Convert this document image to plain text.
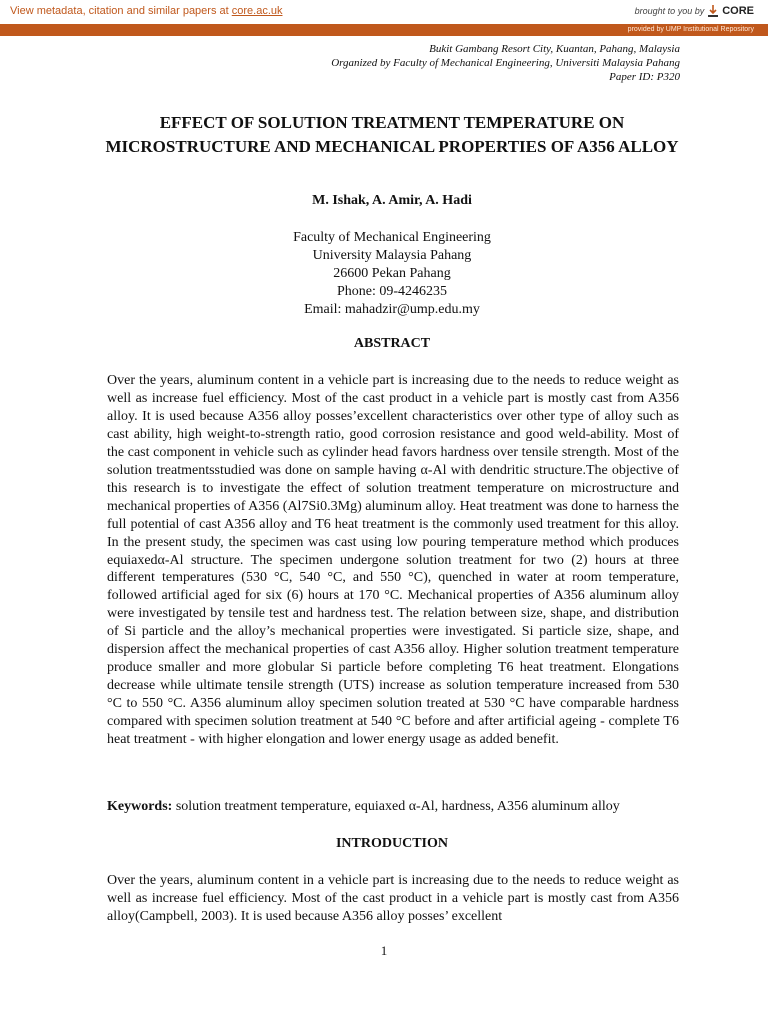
View metadata, citation and similar papers at core.ac.uk	brought to you by CORE
provided by UMP Institutional Repository
Bukit Gambang Resort City, Kuantan, Pahang, Malaysia
Organized by Faculty of Mechanical Engineering, Universiti Malaysia Pahang
Paper ID: P320
EFFECT OF SOLUTION TREATMENT TEMPERATURE ON MICROSTRUCTURE AND MECHANICAL PROPERTIES OF A356 ALLOY
M. Ishak, A. Amir, A. Hadi
Faculty of Mechanical Engineering
University Malaysia Pahang
26600 Pekan Pahang
Phone: 09-4246235
Email: mahadzir@ump.edu.my
ABSTRACT

Over the years, aluminum content in a vehicle part is increasing due to the needs to reduce weight as well as increase fuel efficiency. Most of the cast product in a vehicle part is mostly cast from A356 alloy. It is used because A356 alloy posses’excellent characteristics over other type of alloy such as cast ability, high weight-to-strength ratio, good corrosion resistance and good weld-ability. Most of the cast component in vehicle such as cylinder head favors hardness over tensile strength. Most of the solution treatmentsstudied was done on sample having α-Al with dendritic structure.The objective of this research is to investigate the effect of solution treatment temperature on microstructure and mechanical properties of A356 (Al7Si0.3Mg) aluminum alloy. Heat treatment was done to harness the full potential of cast A356 alloy and T6 heat treatment is the commonly used treatment for this alloy. In the present study, the specimen was cast using low pouring temperature method which produces equiaxedα-Al structure. The specimen undergone solution treatment for two (2) hours at three different temperatures (530 °C, 540 °C, and 550 °C), quenched in water at room temperature, followed artificial aged for six (6) hours at 170 °C. Mechanical properties of A356 aluminum alloy were investigated by tensile test and hardness test. The relation between size, shape, and distribution of Si particle and the alloy’s mechanical properties were investigated. Si particle size, shape, and dispersion affect the mechanical properties of cast A356 alloy. Higher solution treatment temperature produce smaller and more globular Si particle before completing T6 heat treatment. Elongations decrease while ultimate tensile strength (UTS) increase as solution temperature increased from 530 °C to 550 °C. A356 aluminum alloy specimen solution treated at 530 °C have comparable hardness compared with specimen solution treatment at 540 °C before and after artificial ageing - complete T6 heat treatment - with higher elongation and lower energy usage as added benefit.

Keywords: solution treatment temperature, equiaxed α-Al, hardness, A356 aluminum alloy
INTRODUCTION

Over the years, aluminum content in a vehicle part is increasing due to the needs to reduce weight as well as increase fuel efficiency. Most of the cast product in a vehicle part is mostly cast from A356 alloy(Campbell, 2003). It is used because A356 alloy posses’ excellent

1
